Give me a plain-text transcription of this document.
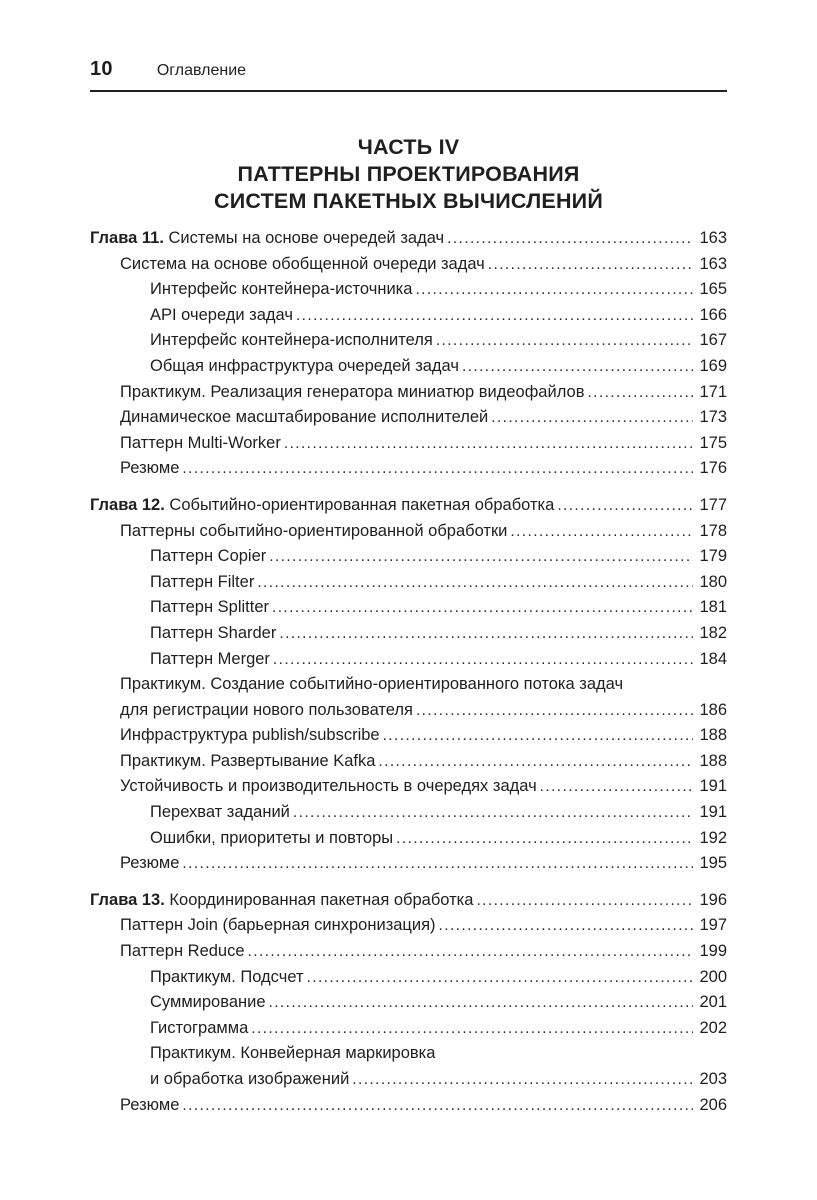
10	Оглавление
ЧАСТЬ IV
ПАТТЕРНЫ ПРОЕКТИРОВАНИЯ
СИСТЕМ ПАКЕТНЫХ ВЫЧИСЛЕНИЙ
Глава 11. Системы на основе очередей задач .....	163
Система на основе обобщенной очереди задач .....	163
Интерфейс контейнера-источника .....	165
API очереди задач .....	166
Интерфейс контейнера-исполнителя .....	167
Общая инфраструктура очередей задач .....	169
Практикум. Реализация генератора миниатюр видеофайлов .....	171
Динамическое масштабирование исполнителей .....	173
Паттерн Multi-Worker .....	175
Резюме .....	176
Глава 12. Событийно-ориентированная пакетная обработка .....	177
Паттерны событийно-ориентированной обработки .....	178
Паттерн Copier .....	179
Паттерн Filter .....	180
Паттерн Splitter .....	181
Паттерн Sharder .....	182
Паттерн Merger .....	184
Практикум. Создание событийно-ориентированного потока задач
для регистрации нового пользователя .....	186
Инфраструктура publish/subscribe .....	188
Практикум. Развертывание Kafka .....	188
Устойчивость и производительность в очередях задач .....	191
Перехват заданий .....	191
Ошибки, приоритеты и повторы .....	192
Резюме .....	195
Глава 13. Координированная пакетная обработка .....	196
Паттерн Join (барьерная синхронизация) .....	197
Паттерн Reduce .....	199
Практикум. Подсчет .....	200
Суммирование .....	201
Гистограмма .....	202
Практикум. Конвейерная маркировка
и обработка изображений .....	203
Резюме .....	206
